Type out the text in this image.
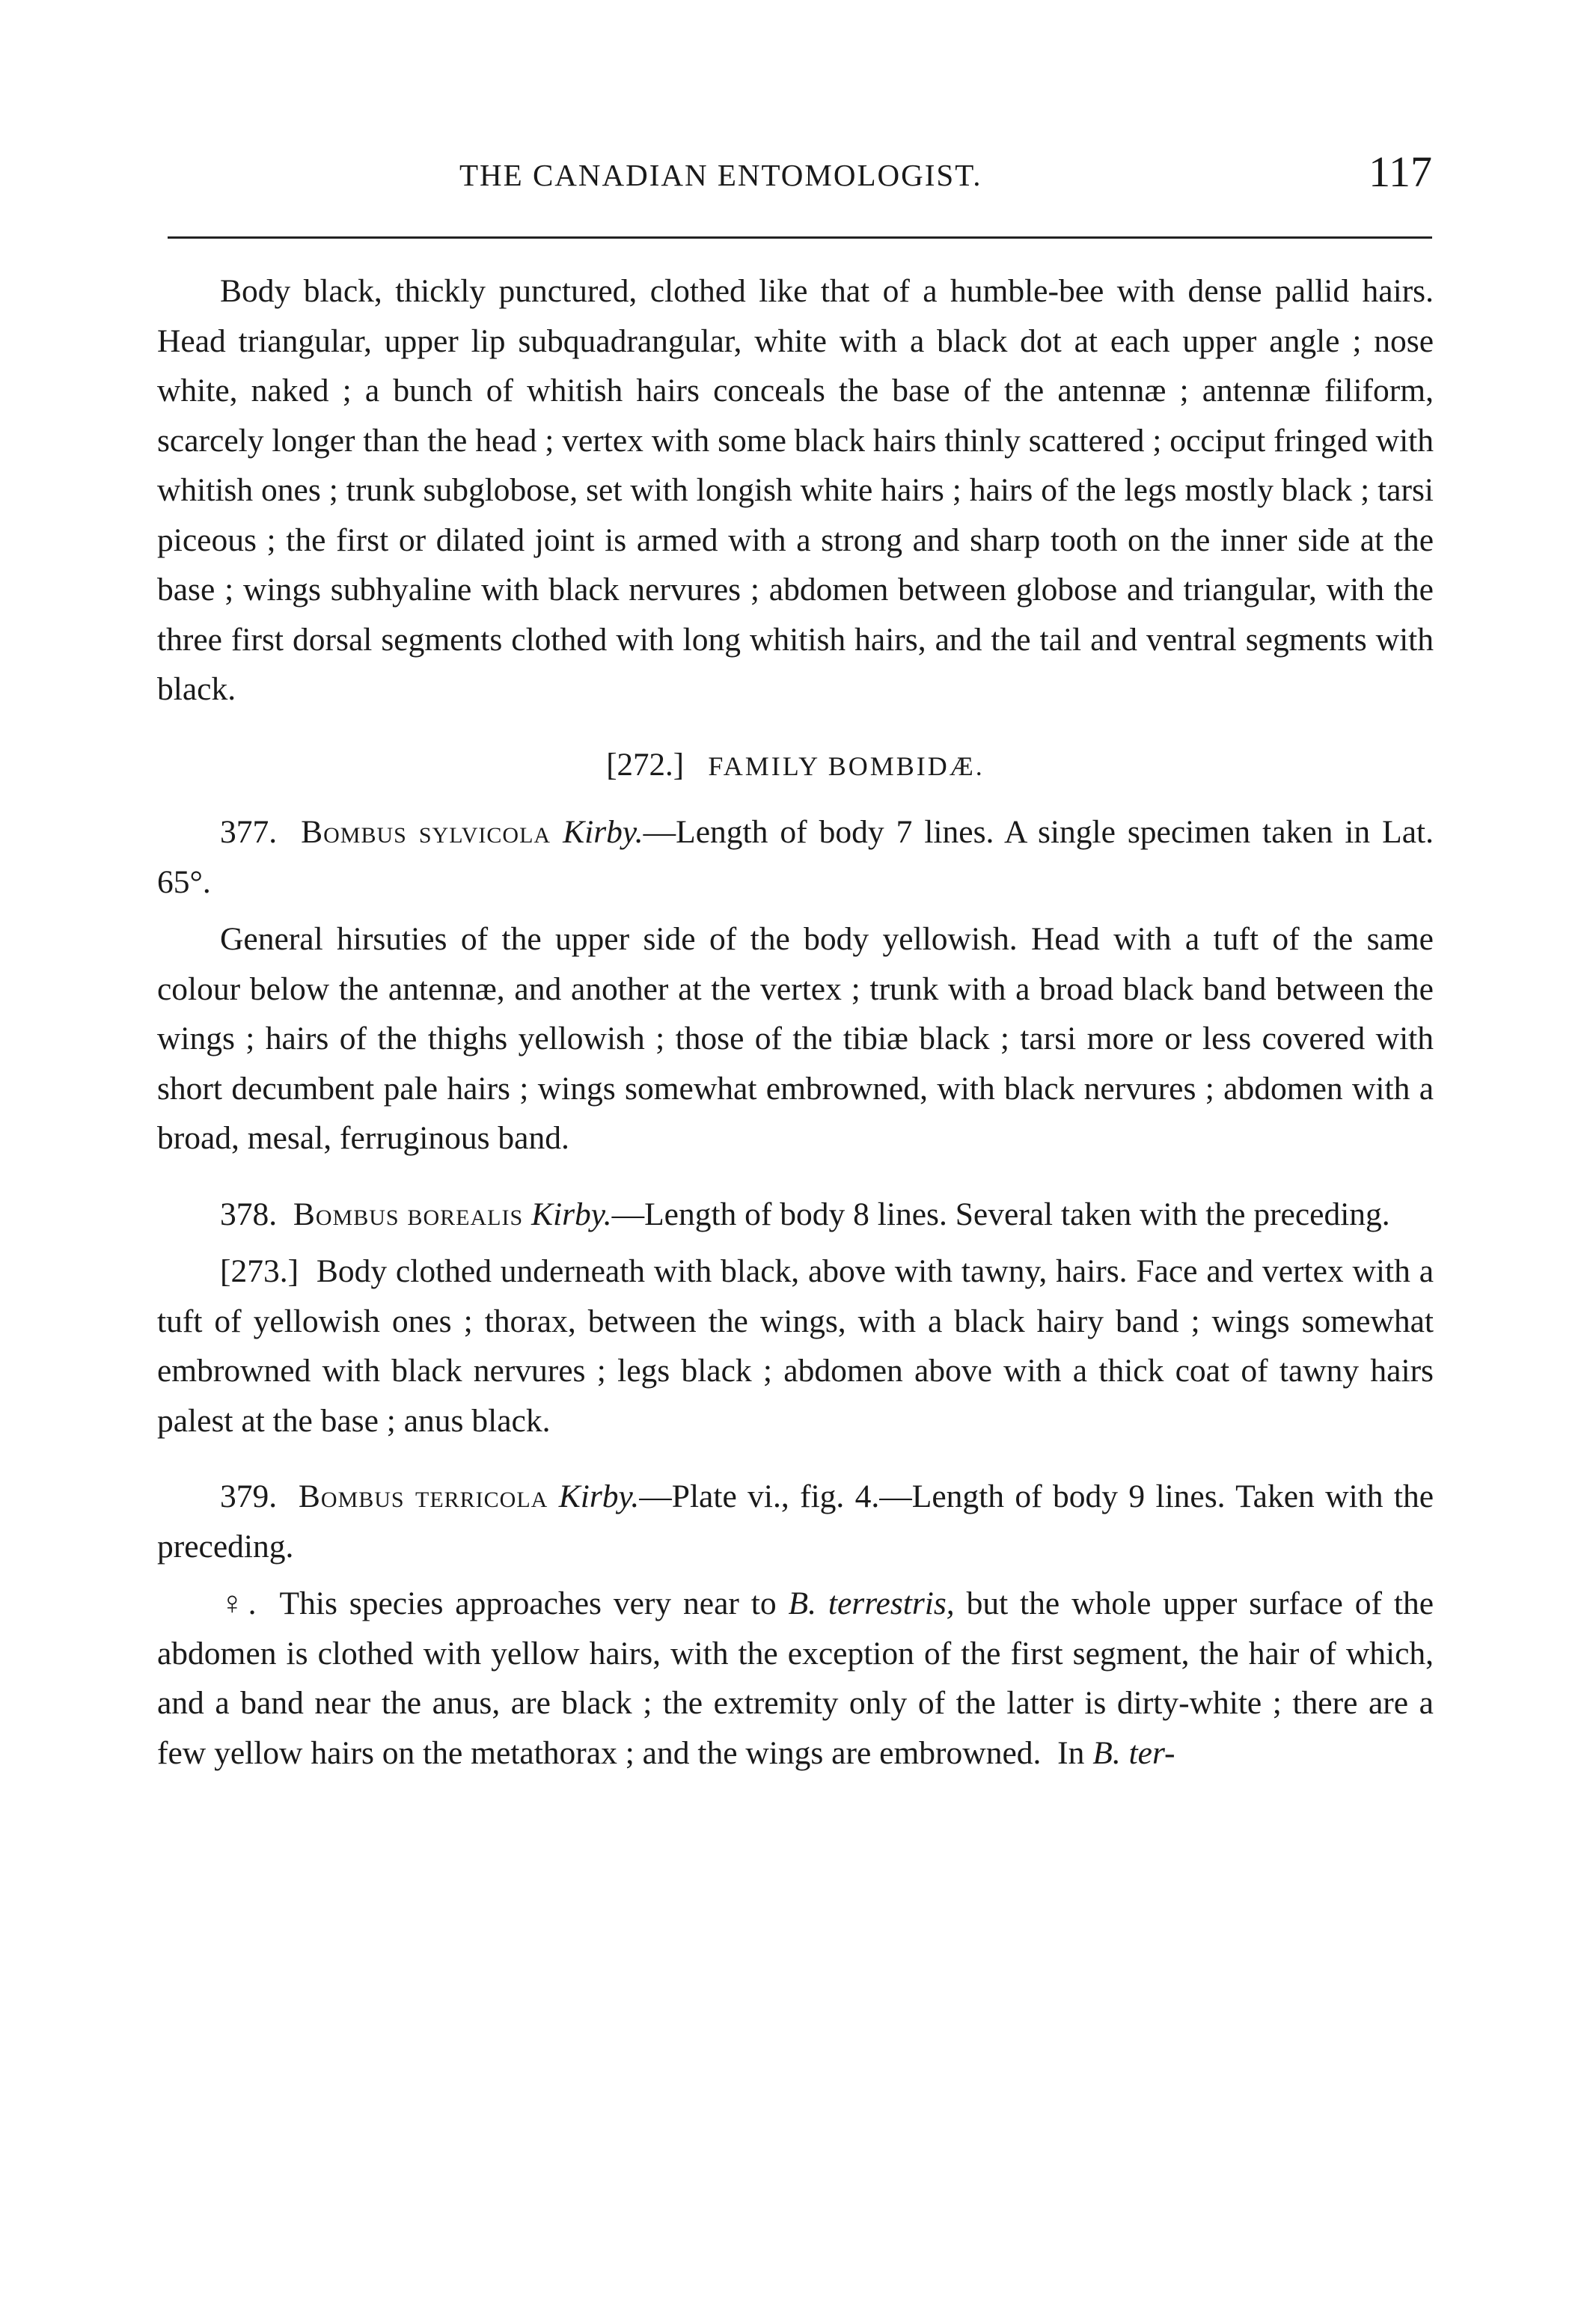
THE CANADIAN ENTOMOLOGIST.	117

Body black, thickly punctured, clothed like that of a humble-bee with dense pallid hairs. Head triangular, upper lip subquadrangular, white with a black dot at each upper angle ; nose white, naked ; a bunch of whitish hairs conceals the base of the antennæ ; antennæ filiform, scarcely longer than the head ; vertex with some black hairs thinly scattered ; occiput fringed with whitish ones ; trunk subglobose, set with longish white hairs ; hairs of the legs mostly black ; tarsi piceous ; the first or dilated joint is armed with a strong and sharp tooth on the inner side at the base ; wings subhyaline with black nervures ; abdomen between globose and triangular, with the three first dorsal segments clothed with long whitish hairs, and the tail and ventral segments with black.

[272.] FAMILY BOMBIDÆ.

377. Bombus sylvicola Kirby.—Length of body 7 lines. A single specimen taken in Lat. 65°.

General hirsuties of the upper side of the body yellowish. Head with a tuft of the same colour below the antennæ, and another at the vertex ; trunk with a broad black band between the wings ; hairs of the thighs yellowish ; those of the tibiæ black ; tarsi more or less covered with short decumbent pale hairs ; wings somewhat embrowned, with black nervures ; abdomen with a broad, mesal, ferruginous band.

378. Bombus borealis Kirby.—Length of body 8 lines. Several taken with the preceding.

[273.] Body clothed underneath with black, above with tawny, hairs. Face and vertex with a tuft of yellowish ones ; thorax, between the wings, with a black hairy band ; wings somewhat embrowned with black nervures ; legs black ; abdomen above with a thick coat of tawny hairs palest at the base ; anus black.

379. Bombus terricola Kirby.—Plate vi., fig. 4.—Length of body 9 lines. Taken with the preceding.

♀. This species approaches very near to B. terrestris, but the whole upper surface of the abdomen is clothed with yellow hairs, with the exception of the first segment, the hair of which, and a band near the anus, are black ; the extremity only of the latter is dirty-white ; there are a few yellow hairs on the metathorax ; and the wings are embrowned. In B. ter-
